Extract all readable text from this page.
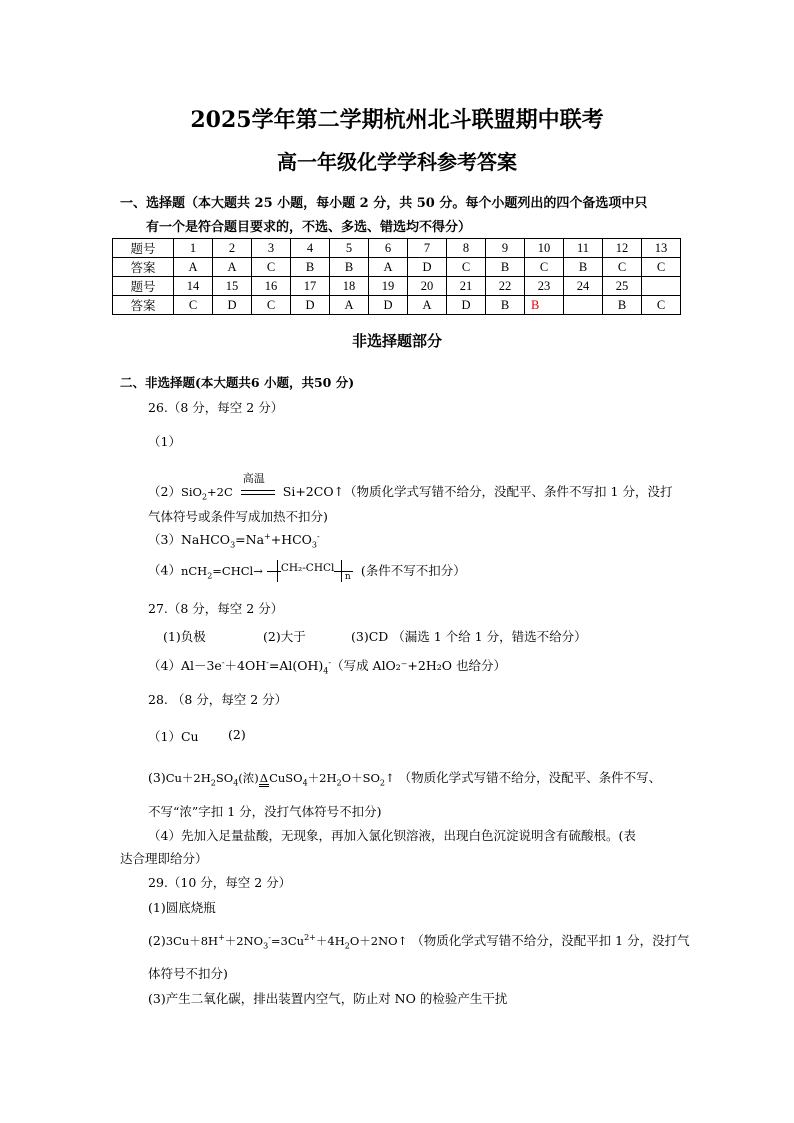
2025学年第二学期杭州北斗联盟期中联考
高一年级化学学科参考答案
一、选择题（本大题共 25 小题，每小题 2 分，共 50 分。每个小题列出的四个备选项中只
有一个是符合题目要求的，不选、多选、错选均不得分）
题号	1	2	3	4	5	6	7	8	9	10	11	12	13
答案	A	A	C	B	B	A	D	C	B	C	B	C	C
题号	14	15	16	17	18	19	20	21	22	23	24	25	
答案	C	D	C	D	A	D	A	D	B	B		B	C
非选择题部分
二、非选择题(本大题共6 小题，共50 分)
26.（8 分，每空 2 分）
（1）
（2）SiO$_2$+2C
高温
Si+2CO↑（物质化学式写错不给分，没配平、条件不写扣 1 分，没打
气体符号或条件写成加热不扣分)
$(3)NaHCO_3=Na^++HCO_3^-$
（4）nCH$_2$=CHCl→ CH₂-CHCl
n (条件不写不扣分）
27.（8 分，每空 2 分）
(1)负极	(2)大于	(3)CD （漏选 1 个给 1 分，错选不给分）
$(4)Al-3e^-+4OH^-=Al(OH)_4^-$（写成 AlO₂⁻+2H₂O 也给分）
28. （8 分，每空 2 分）
（1）Cu (2)
$(3)Cu+2H_2SO_4$(浓)$\Delta CuSO_4+2H_2O+SO_2↑$ （物质化学式写错不给分，没配平、条件不写、
不写“浓”字扣 1 分，没打气体符号不扣分)
（4）先加入足量盐酸，无现象，再加入氯化钡溶液，出现白色沉淀说明含有硫酸根。(表
达合理即给分）
29.（10 分，每空 2 分）
(1)圆底烧瓶
$(2)3Cu+8H^++2NO_3^-=3Cu^{2+}+4H_2O+2NO↑$ （物质化学式写错不给分，没配平扣 1 分，没打气
体符号不扣分)
(3)产生二氧化碳，排出装置内空气，防止对 NO 的检验产生干扰
